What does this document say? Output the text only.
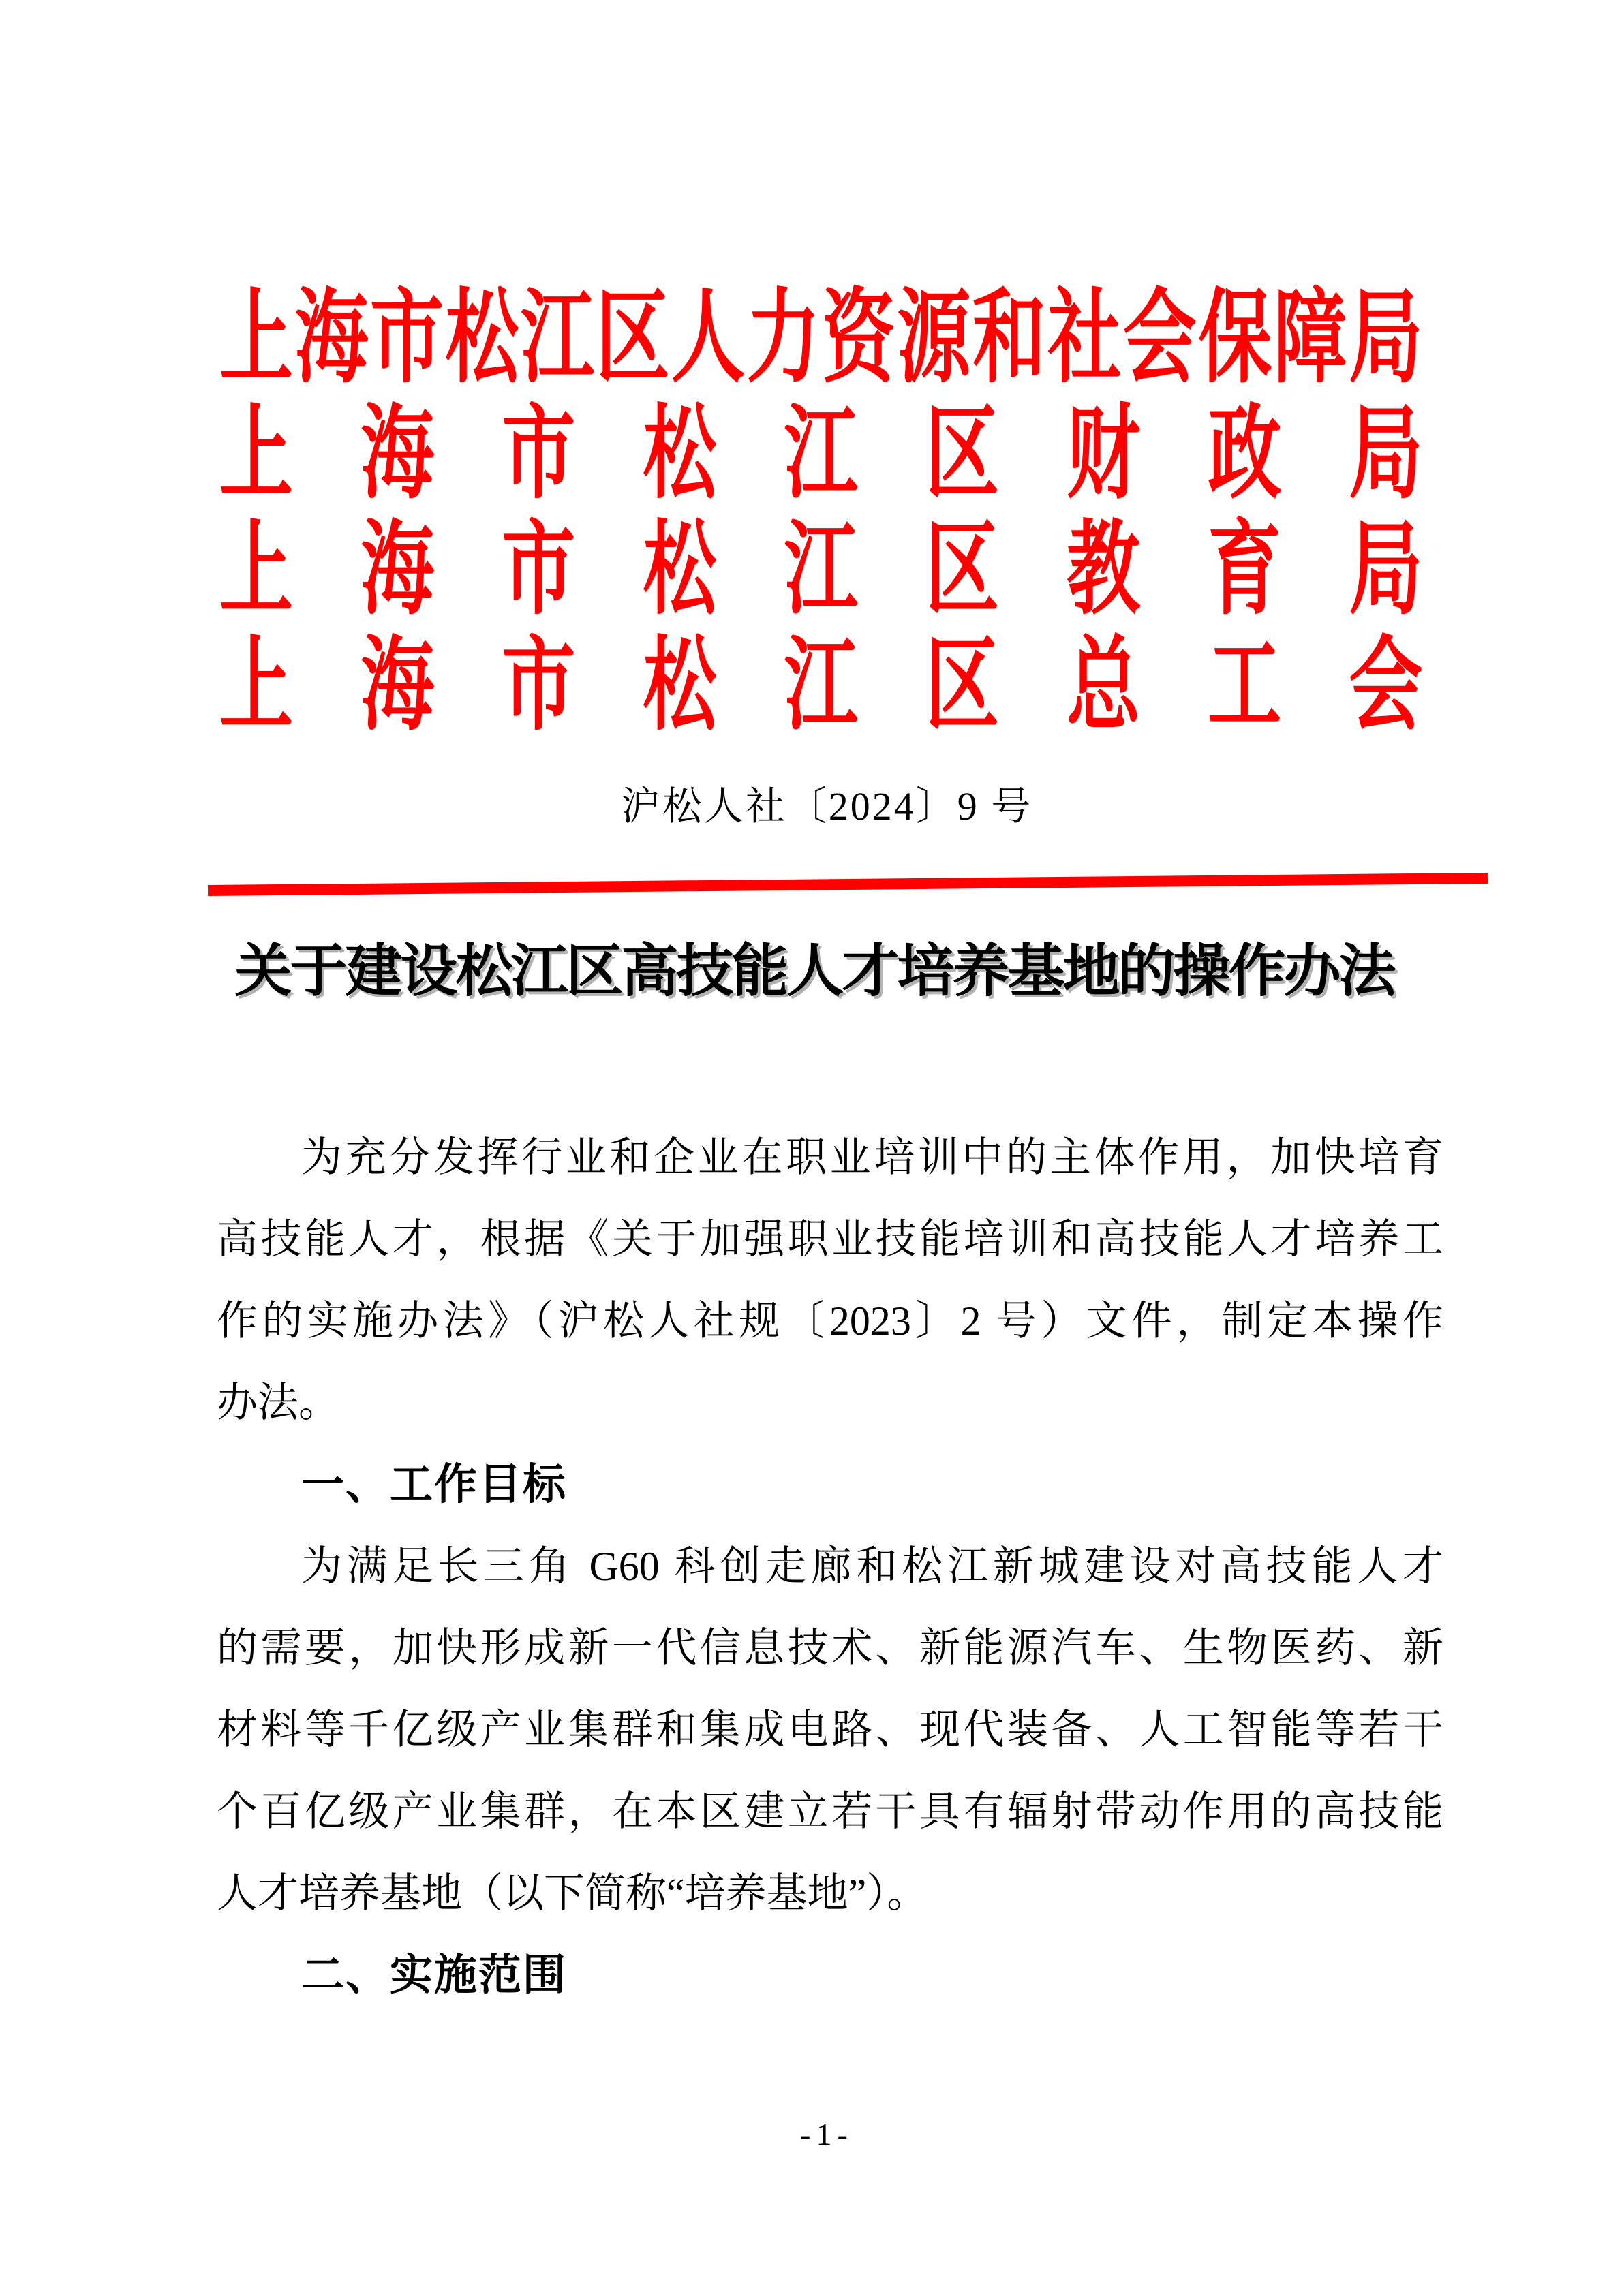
上海市松江区人力资源和社会保障局
上海市松江区财政局
上海市松江区教育局
上海市松江区总工会
沪松人社〔2024〕9 号
关于建设松江区高技能人才培养基地的操作办法
为充分发挥行业和企业在职业培训中的主体作用，加快培育
高技能人才，根据《关于加强职业技能培训和高技能人才培养工
作的实施办法》（沪松人社规〔2023〕2 号）文件，制定本操作
办法。
一、工作目标
为满足长三角 G60 科创走廊和松江新城建设对高技能人才
的需要，加快形成新一代信息技术、新能源汽车、生物医药、新
材料等千亿级产业集群和集成电路、现代装备、人工智能等若干
个百亿级产业集群，在本区建立若干具有辐射带动作用的高技能
人才培养基地（以下简称“培养基地”）。
二、实施范围
-1-
